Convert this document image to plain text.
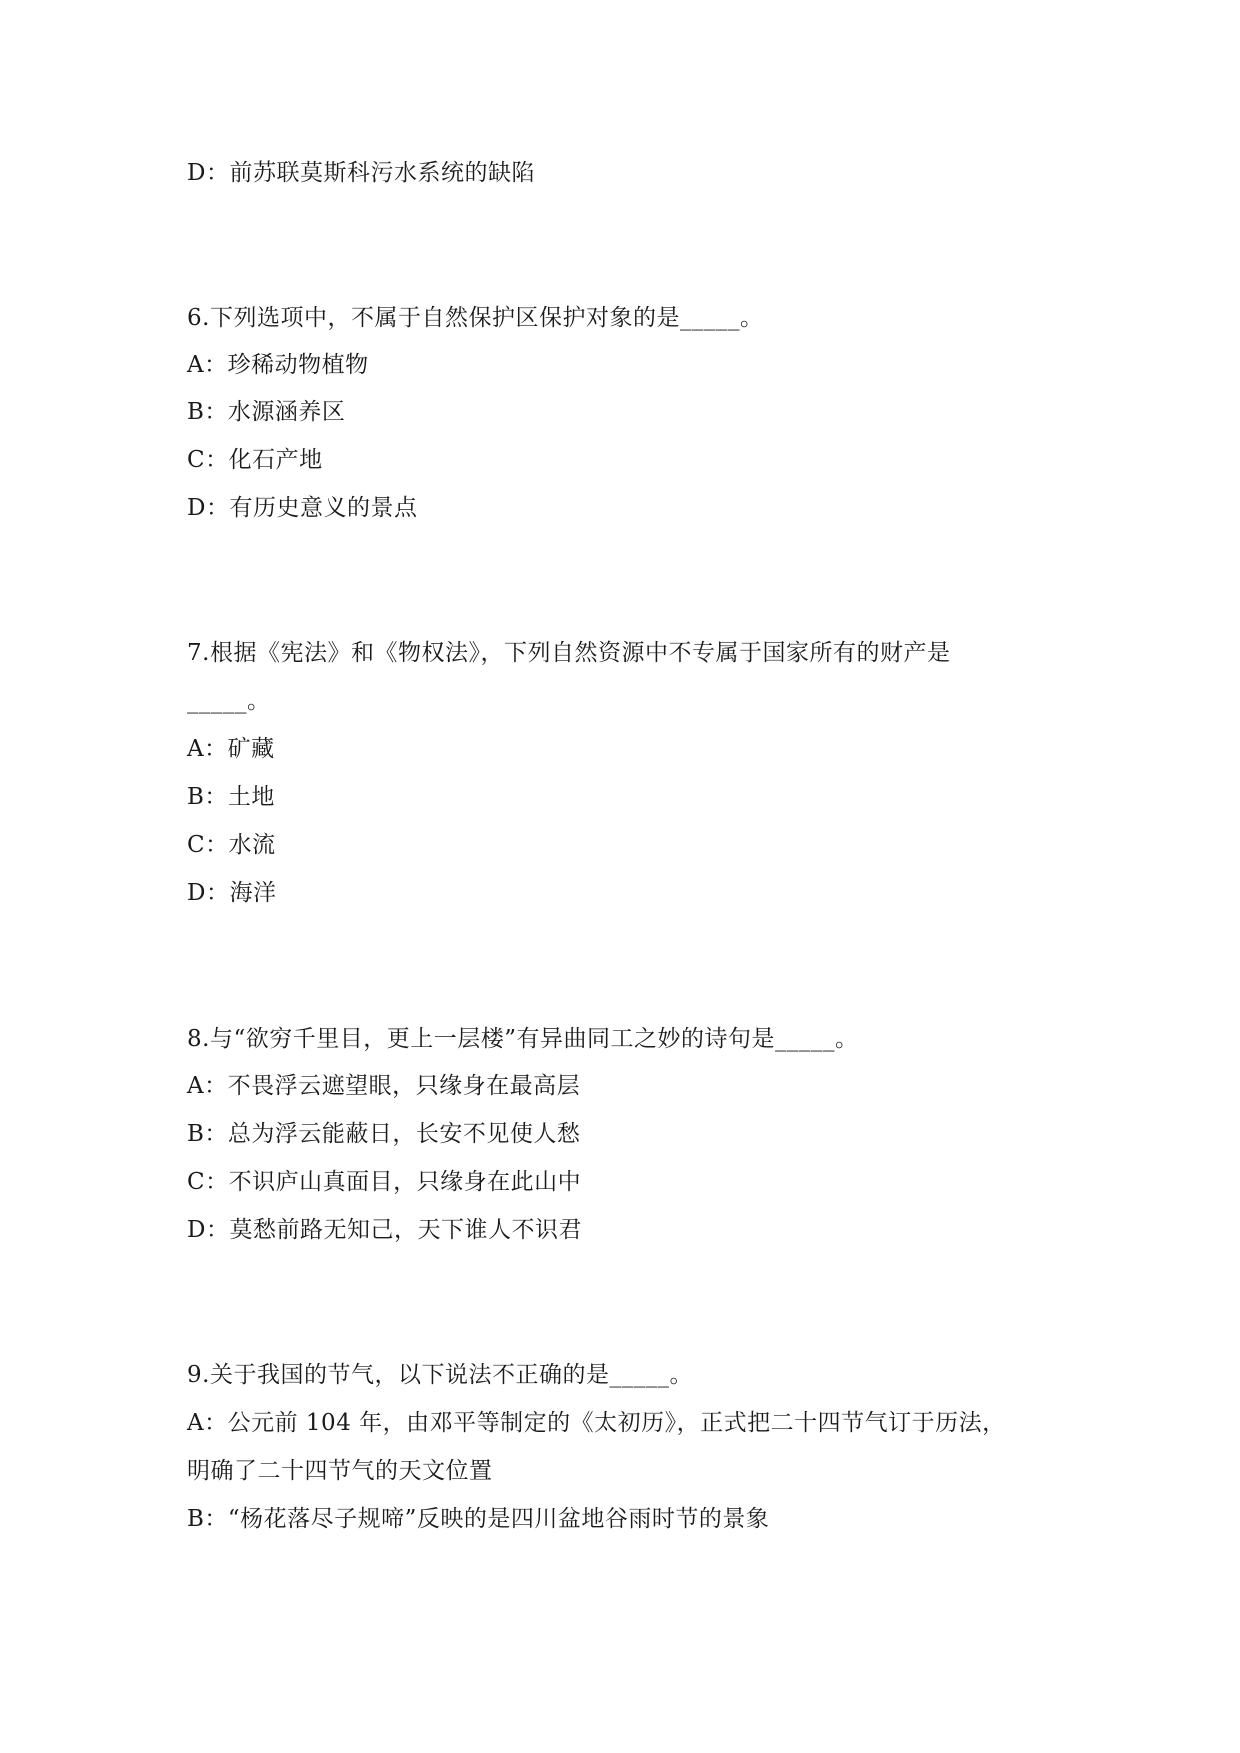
D：前苏联莫斯科污水系统的缺陷
6.下列选项中，不属于自然保护区保护对象的是_____。
A：珍稀动物植物
B：水源涵养区
C：化石产地
D：有历史意义的景点
7.根据《宪法》和《物权法》，下列自然资源中不专属于国家所有的财产是
_____。
A：矿藏
B：土地
C：水流
D：海洋
8.与“欲穷千里目，更上一层楼”有异曲同工之妙的诗句是_____。
A：不畏浮云遮望眼，只缘身在最高层
B：总为浮云能蔽日，长安不见使人愁
C：不识庐山真面目，只缘身在此山中
D：莫愁前路无知己，天下谁人不识君
9.关于我国的节气，以下说法不正确的是_____。
A：公元前 104 年，由邓平等制定的《太初历》，正式把二十四节气订于历法，
明确了二十四节气的天文位置
B：“杨花落尽子规啼”反映的是四川盆地谷雨时节的景象
